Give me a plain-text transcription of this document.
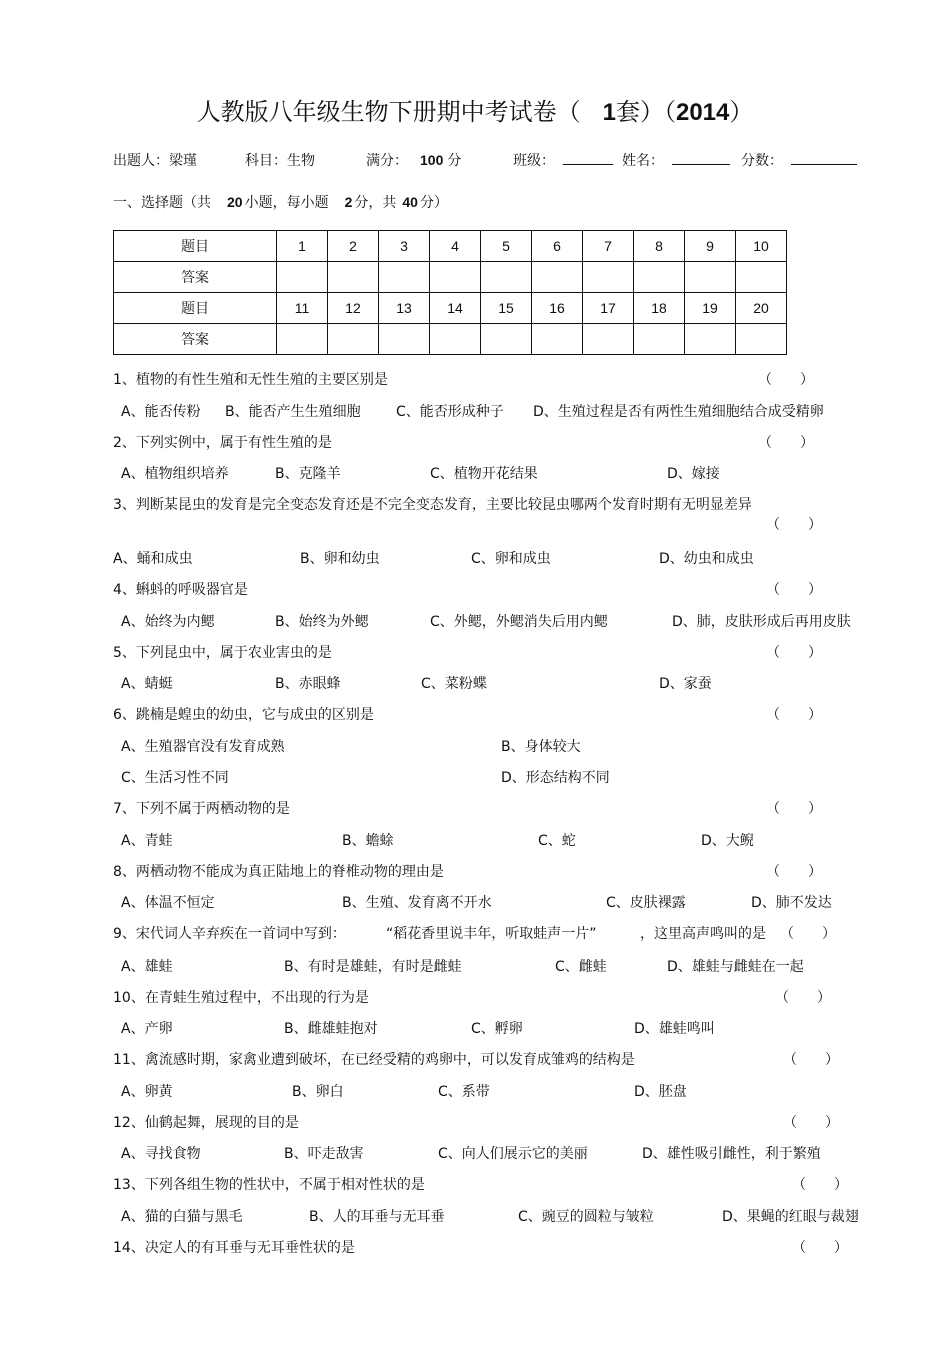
人教版八年级生物下册期中考试卷（ 1套）（2014）
出题人：梁瑾	科目：生物	满分： 100 分	班级：	姓名：	分数：
一、选择题（共 20 小题，每小题 2 分，共 40 分）
题目	1	2	3	4	5	6	7	8	9	10
答案										
题目	11	12	13	14	15	16	17	18	19	20
答案										
1、植物的有性生殖和无性生殖的主要区别是	（　　）
A、能否传粉 B、能否产生生殖细胞	C、能否形成种子 D、生殖过程是否有两性生殖细胞结合成受精卵
2、下列实例中，属于有性生殖的是	（　　）
A、植物组织培养	B、克隆羊	C、植物开花结果	D、嫁接
3、判断某昆虫的发育是完全变态发育还是不完全变态发育，主要比较昆虫哪两个发育时期有无明显差异
（　　）
A、蛹和成虫	B、卵和幼虫	C、卵和成虫	D、幼虫和成虫
4、蝌蚪的呼吸器官是	（　　）
A、始终为内鳃	B、始终为外鳃	C、外鳃，外鳃消失后用内鳃	D、肺，皮肤形成后再用皮肤
5、下列昆虫中，属于农业害虫的是	（　　）
A、蜻蜓	B、赤眼蜂	C、菜粉蝶	D、家蚕
6、跳楠是蝗虫的幼虫，它与成虫的区别是	（　　）
A、生殖器官没有发育成熟	B、身体较大
C、生活习性不同	D、形态结构不同
7、下列不属于两栖动物的是	（　　）
A、青蛙	B、蟾蜍	C、蛇	D、大鲵
8、两栖动物不能成为真正陆地上的脊椎动物的理由是	（　　）
A、体温不恒定	B、生殖、发育离不开水	C、皮肤裸露	D、肺不发达
9、宋代词人辛弃疾在一首词中写到：	“稻花香里说丰年，听取蛙声一片”	，这里高声鸣叫的是 （　　）
A、雄蛙	B、有时是雄蛙，有时是雌蛙	C、雌蛙	D、雄蛙与雌蛙在一起
10、在青蛙生殖过程中，不出现的行为是	（　　）
A、产卵	B、雌雄蛙抱对	C、孵卵	D、雄蛙鸣叫
11、禽流感时期，家禽业遭到破坏，在已经受精的鸡卵中，可以发育成雏鸡的结构是	（　　）
A、卵黄	B、卵白	C、系带	D、胚盘
12、仙鹤起舞，展现的目的是	（　　）
A、寻找食物	B、吓走敌害	C、向人们展示它的美丽	D、雄性吸引雌性，利于繁殖
13、下列各组生物的性状中，不属于相对性状的是	（　　）
A、猫的白猫与黑毛	B、人的耳垂与无耳垂	C、豌豆的圆粒与皱粒	D、果蝇的红眼与裁翅
14、决定人的有耳垂与无耳垂性状的是	（　　）
